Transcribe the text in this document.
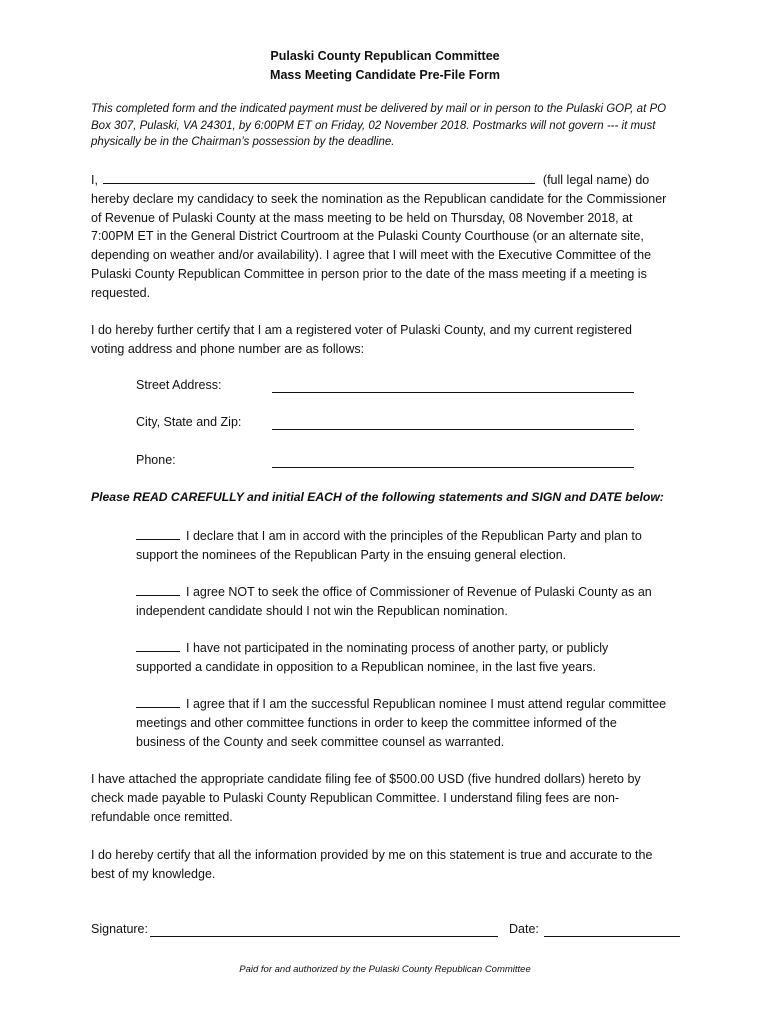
Pulaski County Republican Committee
Mass Meeting Candidate Pre-File Form
This completed form and the indicated payment must be delivered by mail or in person to the Pulaski GOP, at PO
Box 307, Pulaski, VA 24301, by 6:00PM ET on Friday, 02 November 2018. Postmarks will not govern --- it must
physically be in the Chairman’s possession by the deadline.
I,	(full legal name) do
hereby declare my candidacy to seek the nomination as the Republican candidate for the Commissioner
of Revenue of Pulaski County at the mass meeting to be held on Thursday, 08 November 2018, at
7:00PM ET in the General District Courtroom at the Pulaski County Courthouse (or an alternate site,
depending on weather and/or availability). I agree that I will meet with the Executive Committee of the
Pulaski County Republican Committee in person prior to the date of the mass meeting if a meeting is
requested.
I do hereby further certify that I am a registered voter of Pulaski County, and my current registered
voting address and phone number are as follows:
Street Address:
City, State and Zip:
Phone:
Please READ CAREFULLY and initial EACH of the following statements and SIGN and DATE below:
I declare that I am in accord with the principles of the Republican Party and plan to
support the nominees of the Republican Party in the ensuing general election.
I agree NOT to seek the office of Commissioner of Revenue of Pulaski County as an
independent candidate should I not win the Republican nomination.
I have not participated in the nominating process of another party, or publicly
supported a candidate in opposition to a Republican nominee, in the last five years.
I agree that if I am the successful Republican nominee I must attend regular committee
meetings and other committee functions in order to keep the committee informed of the
business of the County and seek committee counsel as warranted.
I have attached the appropriate candidate filing fee of $500.00 USD (five hundred dollars) hereto by
check made payable to Pulaski County Republican Committee. I understand filing fees are non-
refundable once remitted.
I do hereby certify that all the information provided by me on this statement is true and accurate to the
best of my knowledge.
Signature:	Date:
Paid for and authorized by the Pulaski County Republican Committee
